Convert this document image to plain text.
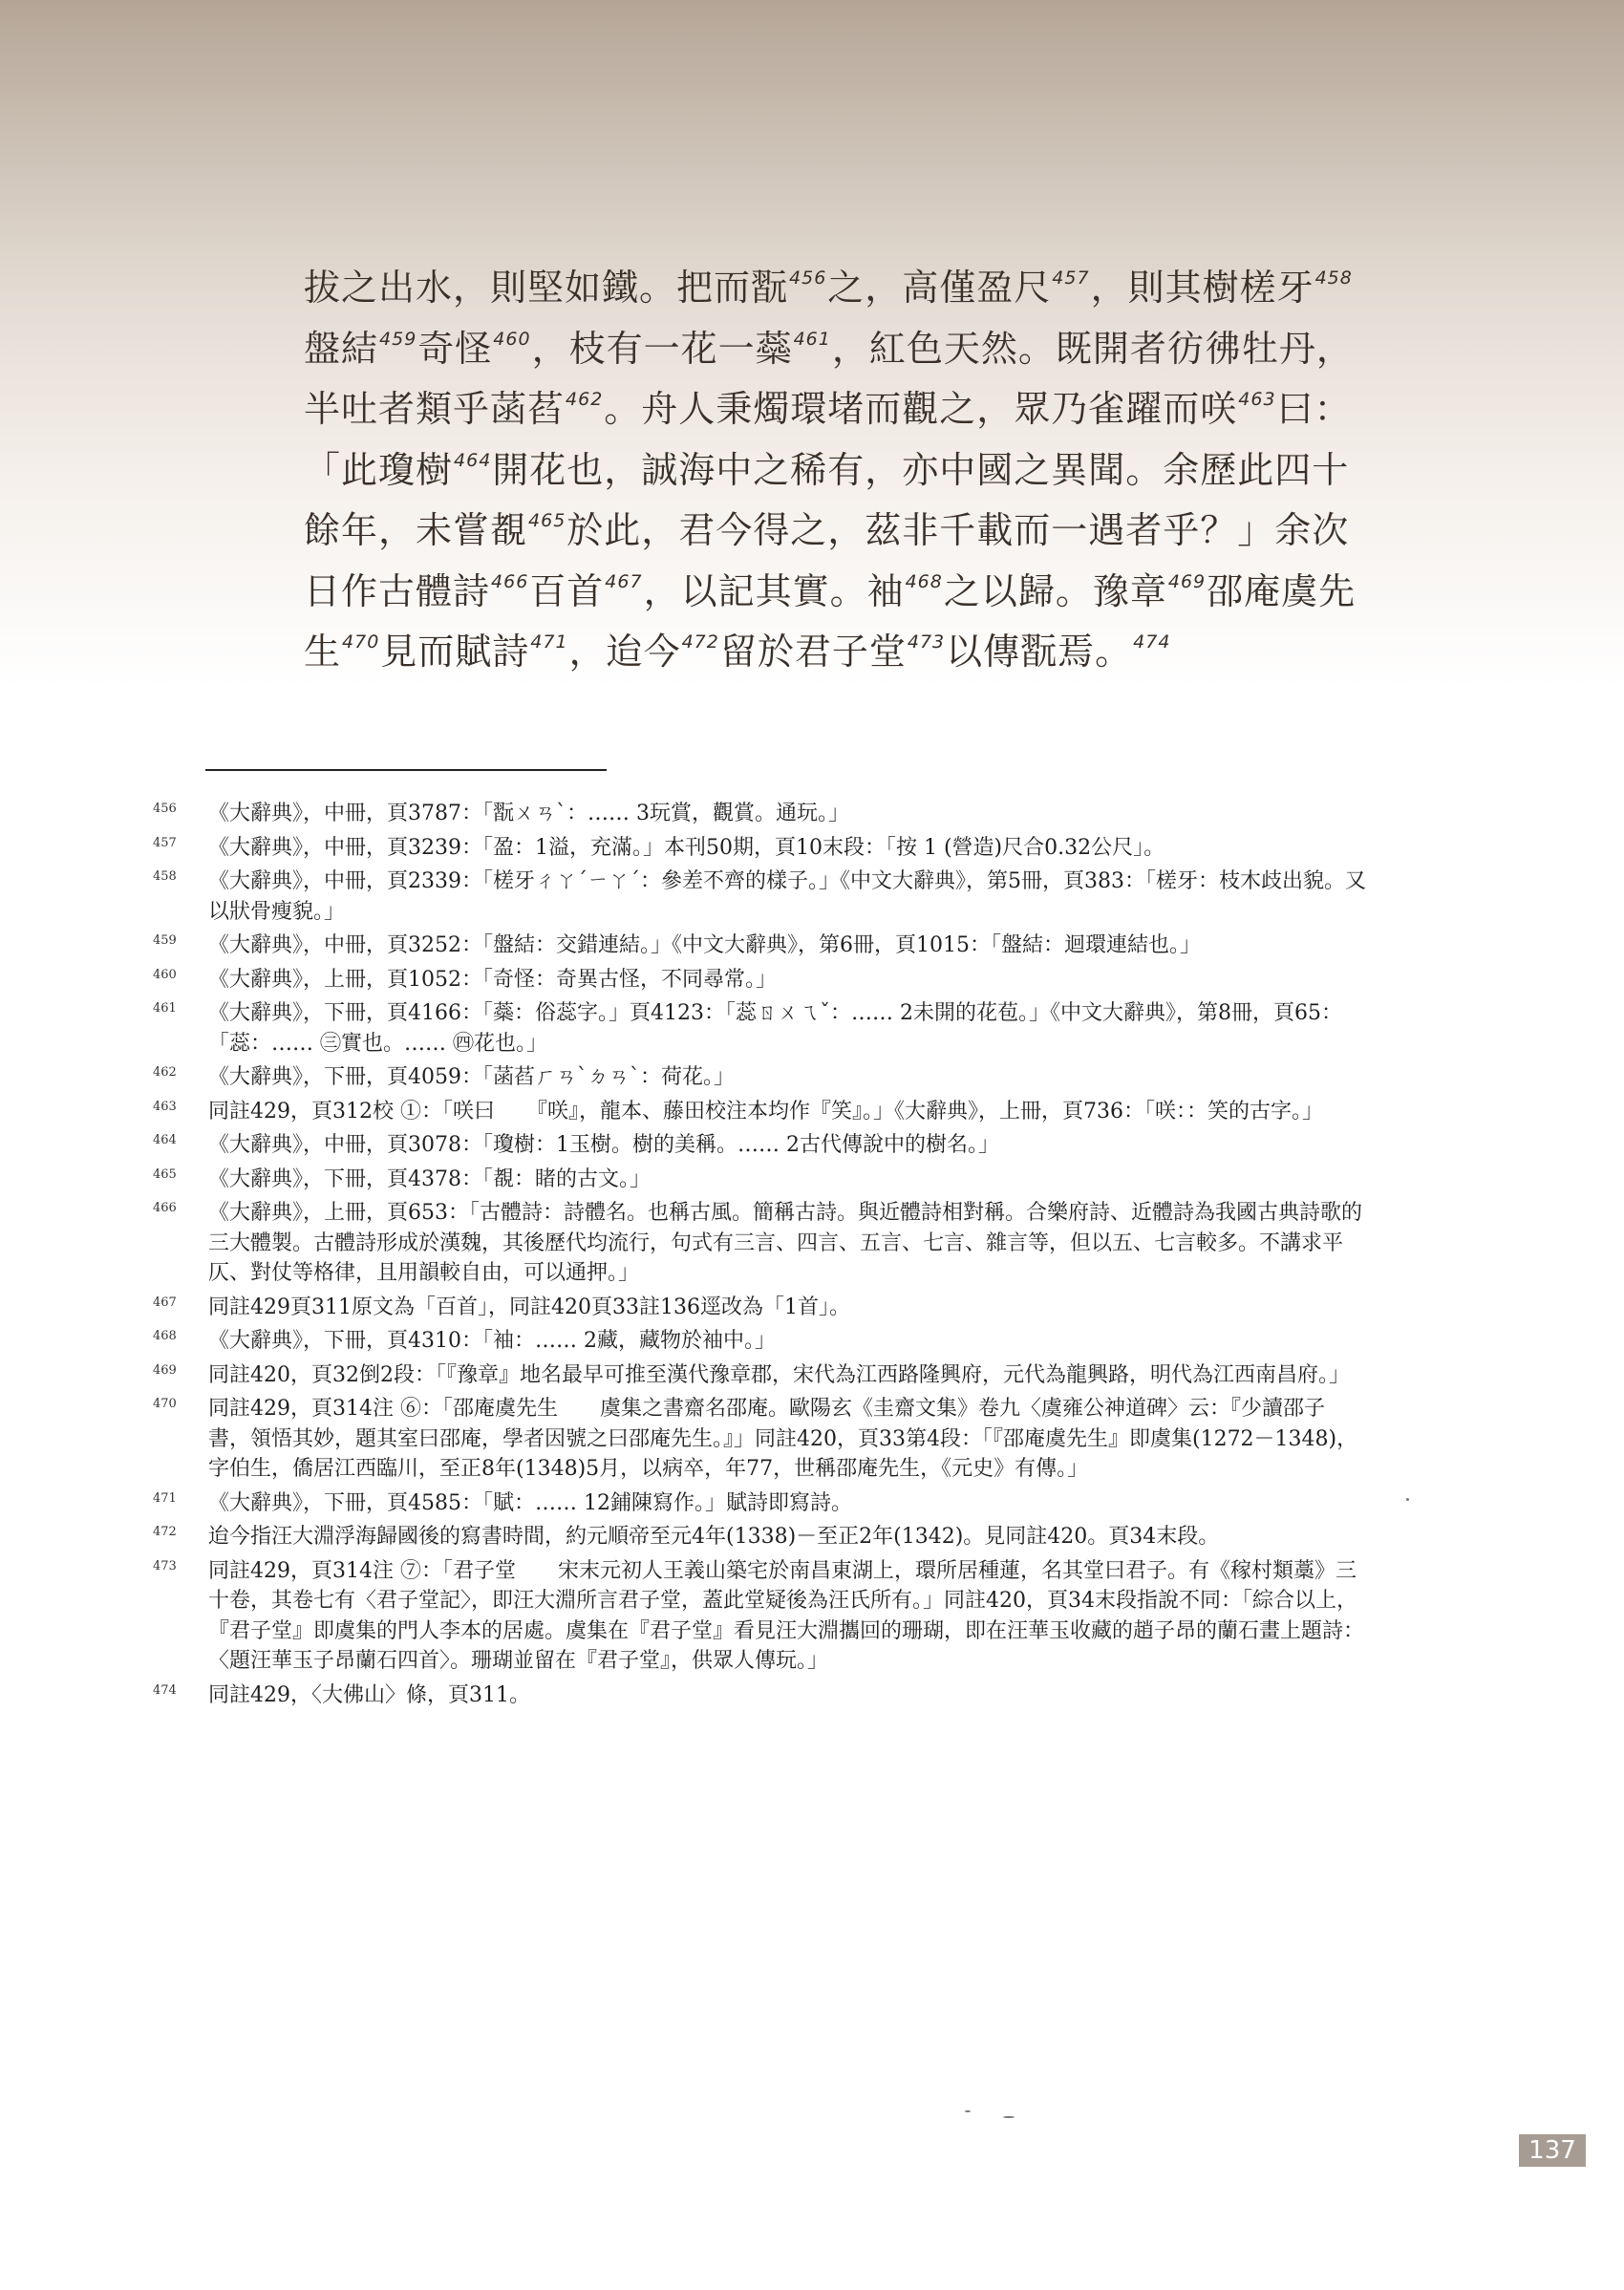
拔之出水，則堅如鐵。把而翫$^{456}$之，高僅盈尺$^{457}$，則其樹槎牙$^{458}$
盤結$^{459}$奇怪$^{460}$，枝有一花一蘂$^{461}$，紅色天然。既開者彷彿牡丹，
半吐者類乎菡萏$^{462}$。舟人秉燭環堵而觀之，眾乃雀躍而咲$^{463}$曰：
「此瓊樹$^{464}$開花也，誠海中之稀有，亦中國之異聞。余歷此四十
餘年，未嘗覩$^{465}$於此，君今得之，茲非千載而一遇者乎？」余次
日作古體詩$^{466}$百首$^{467}$，以記其實。袖$^{468}$之以歸。豫章$^{469}$邵庵虞先
生$^{470}$見而賦詩$^{471}$，迨今$^{472}$留於君子堂$^{473}$以傳翫焉。$^{474}$
456 《大辭典》，中冊，頁3787：「翫ㄨㄢˋ：…… 3玩賞，觀賞。通玩。」
457 《大辭典》，中冊，頁3239：「盈：1溢，充滿。」本刊50期，頁10末段：「按 1 (營造)尺合0.32公尺」。
458 《大辭典》，中冊，頁2339：「槎牙ㄔㄚˊㄧㄚˊ：參差不齊的樣子。」《中文大辭典》，第5冊，頁383：「槎牙：枝木歧出貌。又以狀骨瘦貌。」
459 《大辭典》，中冊，頁3252：「盤結：交錯連結。」《中文大辭典》，第6冊，頁1015：「盤結：迴環連結也。」
460 《大辭典》，上冊，頁1052：「奇怪：奇異古怪，不同尋常。」
461 《大辭典》，下冊，頁4166：「蘂：俗蕊字。」頁4123：「蕊ㄖㄨㄟˇ：…… 2未開的花苞。」《中文大辭典》，第8冊，頁65：「蕊：…… ㊂實也。…… ㊃花也。」
462 《大辭典》，下冊，頁4059：「菡萏ㄏㄢˋㄉㄢˋ：荷花。」
463 同註429，頁312校 ①：「咲曰　　『咲』，龍本、藤田校注本均作『笑』。」《大辭典》，上冊，頁736：「咲：：笑的古字。」
464 《大辭典》，中冊，頁3078：「瓊樹：1玉樹。樹的美稱。…… 2古代傳說中的樹名。」
465 《大辭典》，下冊，頁4378：「覩：睹的古文。」
466 《大辭典》，上冊，頁653：「古體詩：詩體名。也稱古風。簡稱古詩。與近體詩相對稱。合樂府詩、近體詩為我國古典詩歌的三大體製。古體詩形成於漢魏，其後歷代均流行，句式有三言、四言、五言、七言、雜言等，但以五、七言較多。不講求平仄、對仗等格律，且用韻較自由，可以通押。」
467 同註429頁311原文為「百首」，同註420頁33註136逕改為「1首」。
468 《大辭典》，下冊，頁4310：「袖：…… 2藏，藏物於袖中。」
469 同註420，頁32倒2段：「『豫章』地名最早可推至漢代豫章郡，宋代為江西路隆興府，元代為龍興路，明代為江西南昌府。」
470 同註429，頁314注 ⑥：「邵庵虞先生　　虞集之書齋名邵庵。歐陽玄《圭齋文集》卷九〈虞雍公神道碑〉云：『少讀邵子書，領悟其妙，題其室曰邵庵，學者因號之曰邵庵先生。』」同註420，頁33第4段：「『邵庵虞先生』即虞集(1272－1348)，字伯生，僑居江西臨川，至正8年(1348)5月，以病卒，年77，世稱邵庵先生，《元史》有傳。」
471 《大辭典》，下冊，頁4585：「賦：…… 12鋪陳寫作。」賦詩即寫詩。
472 迨今指汪大淵浮海歸國後的寫書時間，約元順帝至元4年(1338)－至正2年(1342)。見同註420。頁34末段。
473 同註429，頁314注 ⑦：「君子堂　　宋末元初人王義山築宅於南昌東湖上，環所居種蓮，名其堂曰君子。有《稼村類藁》三十卷，其卷七有〈君子堂記〉，即汪大淵所言君子堂，蓋此堂疑後為汪氏所有。」同註420，頁34末段指說不同：「綜合以上，『君子堂』即虞集的門人李本的居處。虞集在『君子堂』看見汪大淵攜回的珊瑚，即在汪華玉收藏的趙子昂的蘭石畫上題詩：〈題汪華玉子昂蘭石四首〉。珊瑚並留在『君子堂』，供眾人傳玩。」
474 同註429，〈大佛山〉條，頁311。
137
